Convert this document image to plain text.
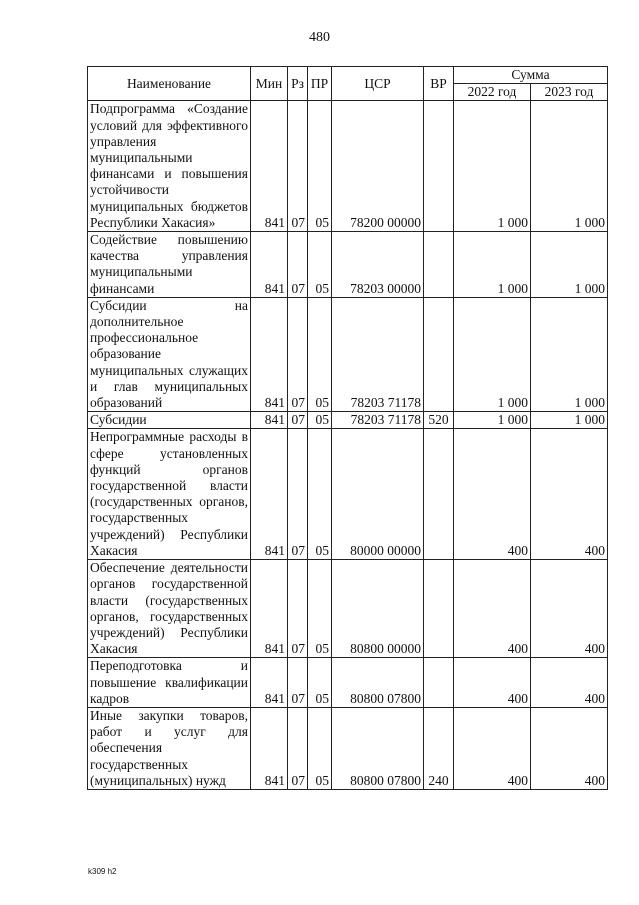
480
Наименование	Мин	Рз	ПР	ЦСР	ВР	Сумма	
						2022 год	2023 год
Подпрограмма «Создание условий для эффективного управления муниципальными финансами и повышения устойчивости муниципальных бюджетов Республики Хакасия»	841	07	05	78200 00000		1 000	1 000
Содействие повышению качества управления муниципальными финансами	841	07	05	78203 00000		1 000	1 000
Субсидии на дополнительное профессиональное образование муниципальных служащих и глав муниципальных образований	841	07	05	78203 71178		1 000	1 000
Субсидии	841	07	05	78203 71178	520	1 000	1 000
Непрограммные расходы в сфере установленных функций органов государственной власти (государственных органов, государственных учреждений) Республики Хакасия	841	07	05	80000 00000		400	400
Обеспечение деятельности органов государственной власти (государственных органов, государственных учреждений) Республики Хакасия	841	07	05	80800 00000		400	400
Переподготовка и повышение квалификации кадров	841	07	05	80800 07800		400	400
Иные закупки товаров, работ и услуг для обеспечения государственных (муниципальных) нужд	841	07	05	80800 07800	240	400	400
k309 h2
